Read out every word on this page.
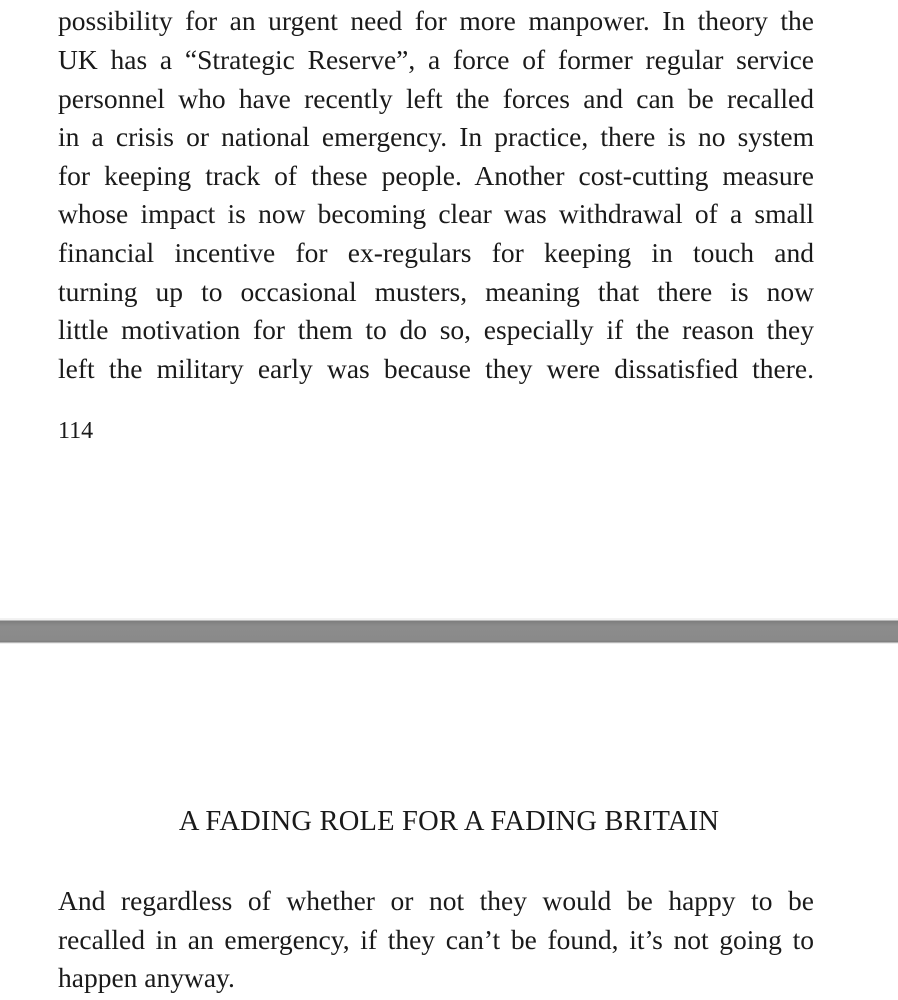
possibility for an urgent need for more manpower. In theory the
UK has a “Strategic Reserve”, a force of former regular service
personnel who have recently left the forces and can be recalled
in a crisis or national emergency. In practice, there is no system
for keeping track of these people. Another cost-cutting measure
whose impact is now becoming clear was withdrawal of a small
financial incentive for ex-regulars for keeping in touch and
turning up to occasional musters, meaning that there is now
little motivation for them to do so, especially if the reason they
left the military early was because they were dissatisfied there.
114
A FADING ROLE FOR A FADING BRITAIN
And regardless of whether or not they would be happy to be
recalled in an emergency, if they can’t be found, it’s not going to
happen anyway.
